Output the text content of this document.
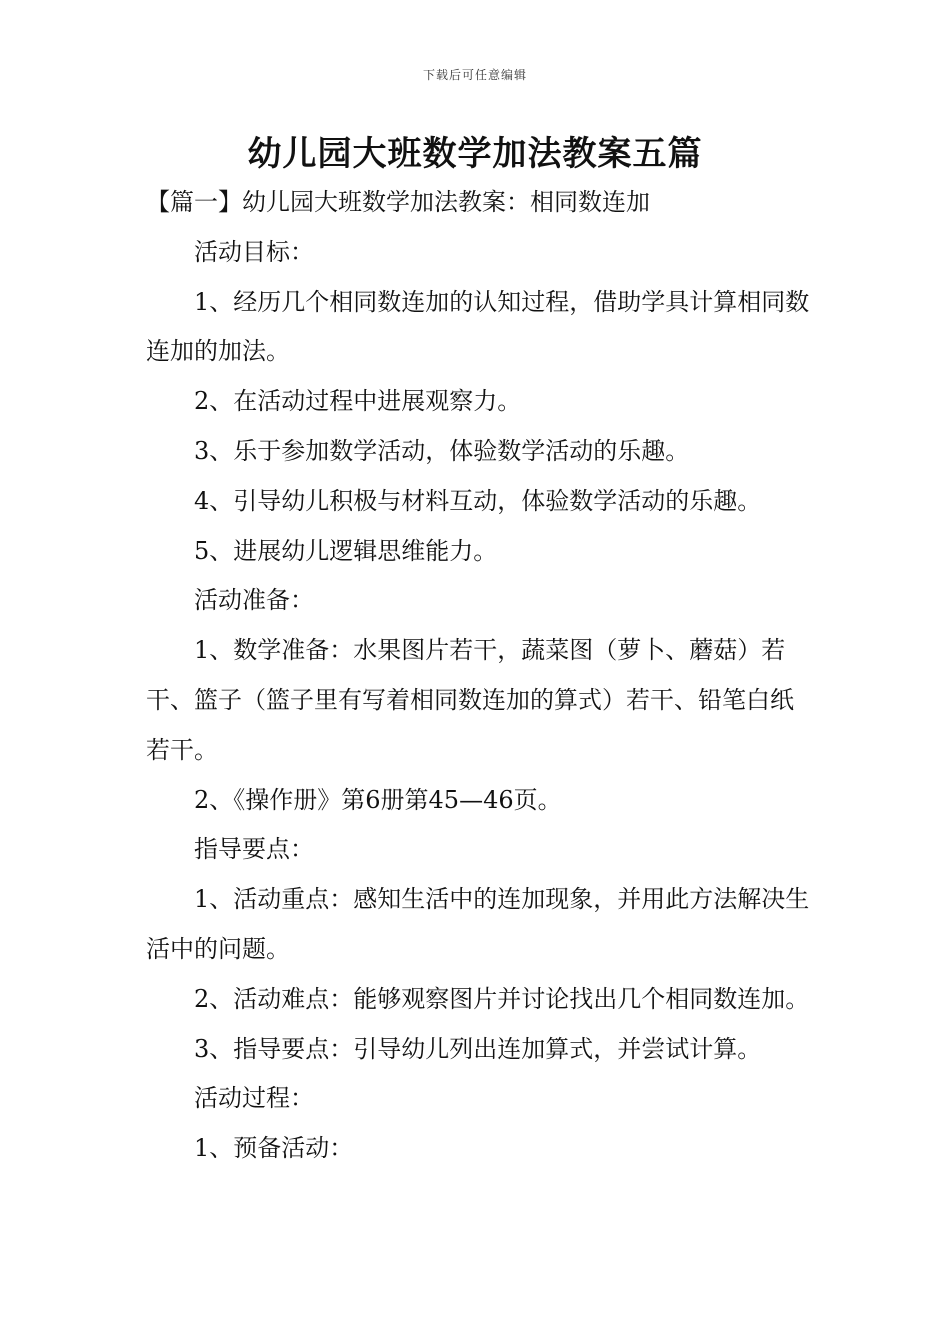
下载后可任意编辑
幼儿园大班数学加法教案五篇

【篇一】幼儿园大班数学加法教案：相同数连加

活动目标：

1、经历几个相同数连加的认知过程，借助学具计算相同数连加的加法。

2、在活动过程中进展观察力。

3、乐于参加数学活动，体验数学活动的乐趣。

4、引导幼儿积极与材料互动，体验数学活动的乐趣。

5、进展幼儿逻辑思维能力。

活动准备：

1、数学准备：水果图片若干，蔬菜图（萝卜、蘑菇）若干、篮子（篮子里有写着相同数连加的算式）若干、铅笔白纸若干。

2、《操作册》第6册第45—46页。

指导要点：

1、活动重点：感知生活中的连加现象，并用此方法解决生活中的问题。

2、活动难点：能够观察图片并讨论找出几个相同数连加。

3、指导要点：引导幼儿列出连加算式，并尝试计算。

活动过程：

1、预备活动：
